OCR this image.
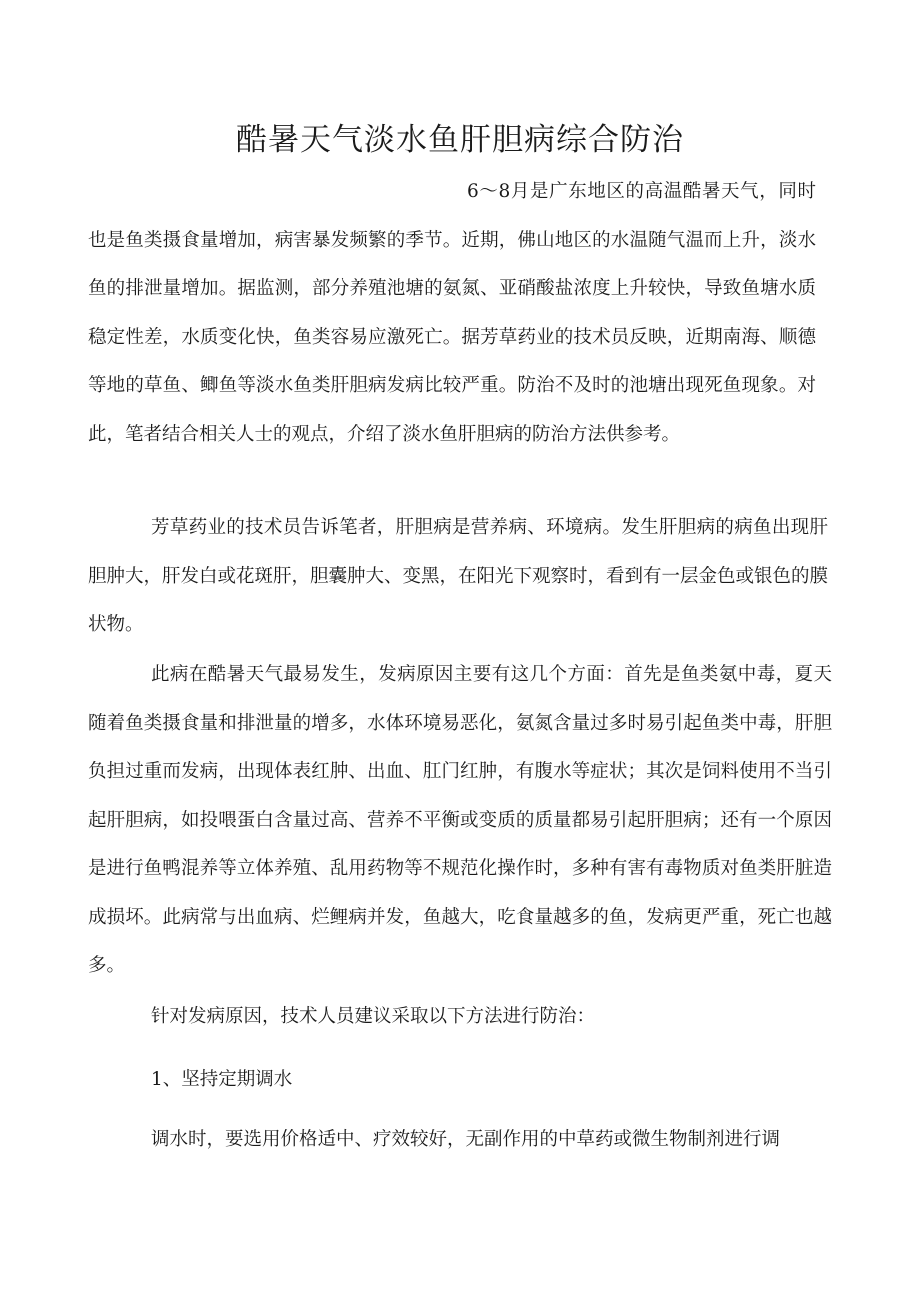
酷暑天气淡水鱼肝胆病综合防治

6～8月是广东地区的高温酷暑天气，同时也是鱼类摄食量增加，病害暴发频繁的季节。近期，佛山地区的水温随气温而上升，淡水鱼的排泄量增加。据监测，部分养殖池塘的氨氮、亚硝酸盐浓度上升较快，导致鱼塘水质稳定性差，水质变化快，鱼类容易应激死亡。据芳草药业的技术员反映，近期南海、顺德等地的草鱼、鲫鱼等淡水鱼类肝胆病发病比较严重。防治不及时的池塘出现死鱼现象。对此，笔者结合相关人士的观点，介绍了淡水鱼肝胆病的防治方法供参考。

芳草药业的技术员告诉笔者，肝胆病是营养病、环境病。发生肝胆病的病鱼出现肝胆肿大，肝发白或花斑肝，胆囊肿大、变黑，在阳光下观察时，看到有一层金色或银色的膜状物。

此病在酷暑天气最易发生，发病原因主要有这几个方面：首先是鱼类氨中毒，夏天随着鱼类摄食量和排泄量的增多，水体环境易恶化，氨氮含量过多时易引起鱼类中毒，肝胆负担过重而发病，出现体表红肿、出血、肛门红肿，有腹水等症状；其次是饲料使用不当引起肝胆病，如投喂蛋白含量过高、营养不平衡或变质的质量都易引起肝胆病；还有一个原因是进行鱼鸭混养等立体养殖、乱用药物等不规范化操作时，多种有害有毒物质对鱼类肝脏造成损坏。此病常与出血病、烂鲤病并发，鱼越大，吃食量越多的鱼，发病更严重，死亡也越多。

针对发病原因，技术人员建议采取以下方法进行防治：

1、坚持定期调水

调水时，要选用价格适中、疗效较好，无副作用的中草药或微生物制剂进行调
